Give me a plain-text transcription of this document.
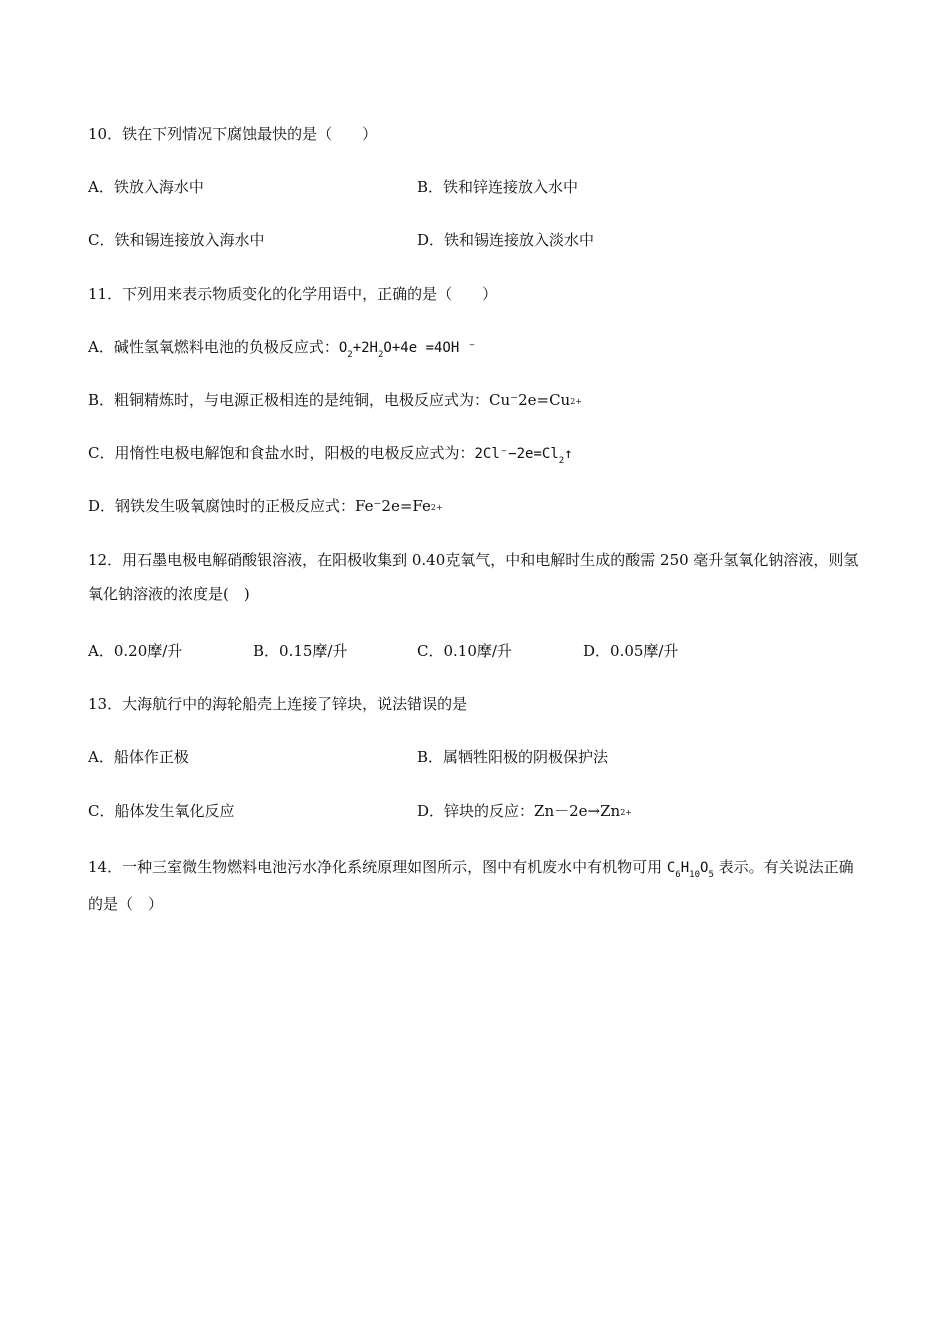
10．铁在下列情况下腐蚀最快的是（　　）
A．铁放入海水中	B．铁和锌连接放入水中
C．铁和锡连接放入海水中	D．铁和锡连接放入淡水中
11．下列用来表示物质变化的化学用语中，正确的是（　　）
A．碱性氢氧燃料电池的负极反应式：$O_2+2H_2O+4e =4OH$ ⁻
B．粗铜精炼时，与电源正极相连的是纯铜，电极反应式为：Cu⁻2e=Cu2+
C．用惰性电极电解饱和食盐水时，阳极的电极反应式为：$2Cl^--2e=Cl_2↑$
D．钢铁发生吸氧腐蚀时的正极反应式：Fe⁻2e=Fe2+
12．用石墨电极电解硝酸银溶液，在阳极收集到 0.40克氧气，中和电解时生成的酸需 250 毫升氢氧化钠溶液，则氢氧化钠溶液的浓度是(　)
A．0.20摩/升	B．0.15摩/升	C．0.10摩/升	D．0.05摩/升
13．大海航行中的海轮船壳上连接了锌块，说法错误的是
A．船体作正极	B．属牺牲阳极的阴极保护法
C．船体发生氧化反应	D．锌块的反应：Zn－2e→Zn2+
14．一种三室微生物燃料电池污水净化系统原理如图所示，图中有机废水中有机物可用 $C_6H_{10}O_5$ 表示。有关说法正确的是（　）
